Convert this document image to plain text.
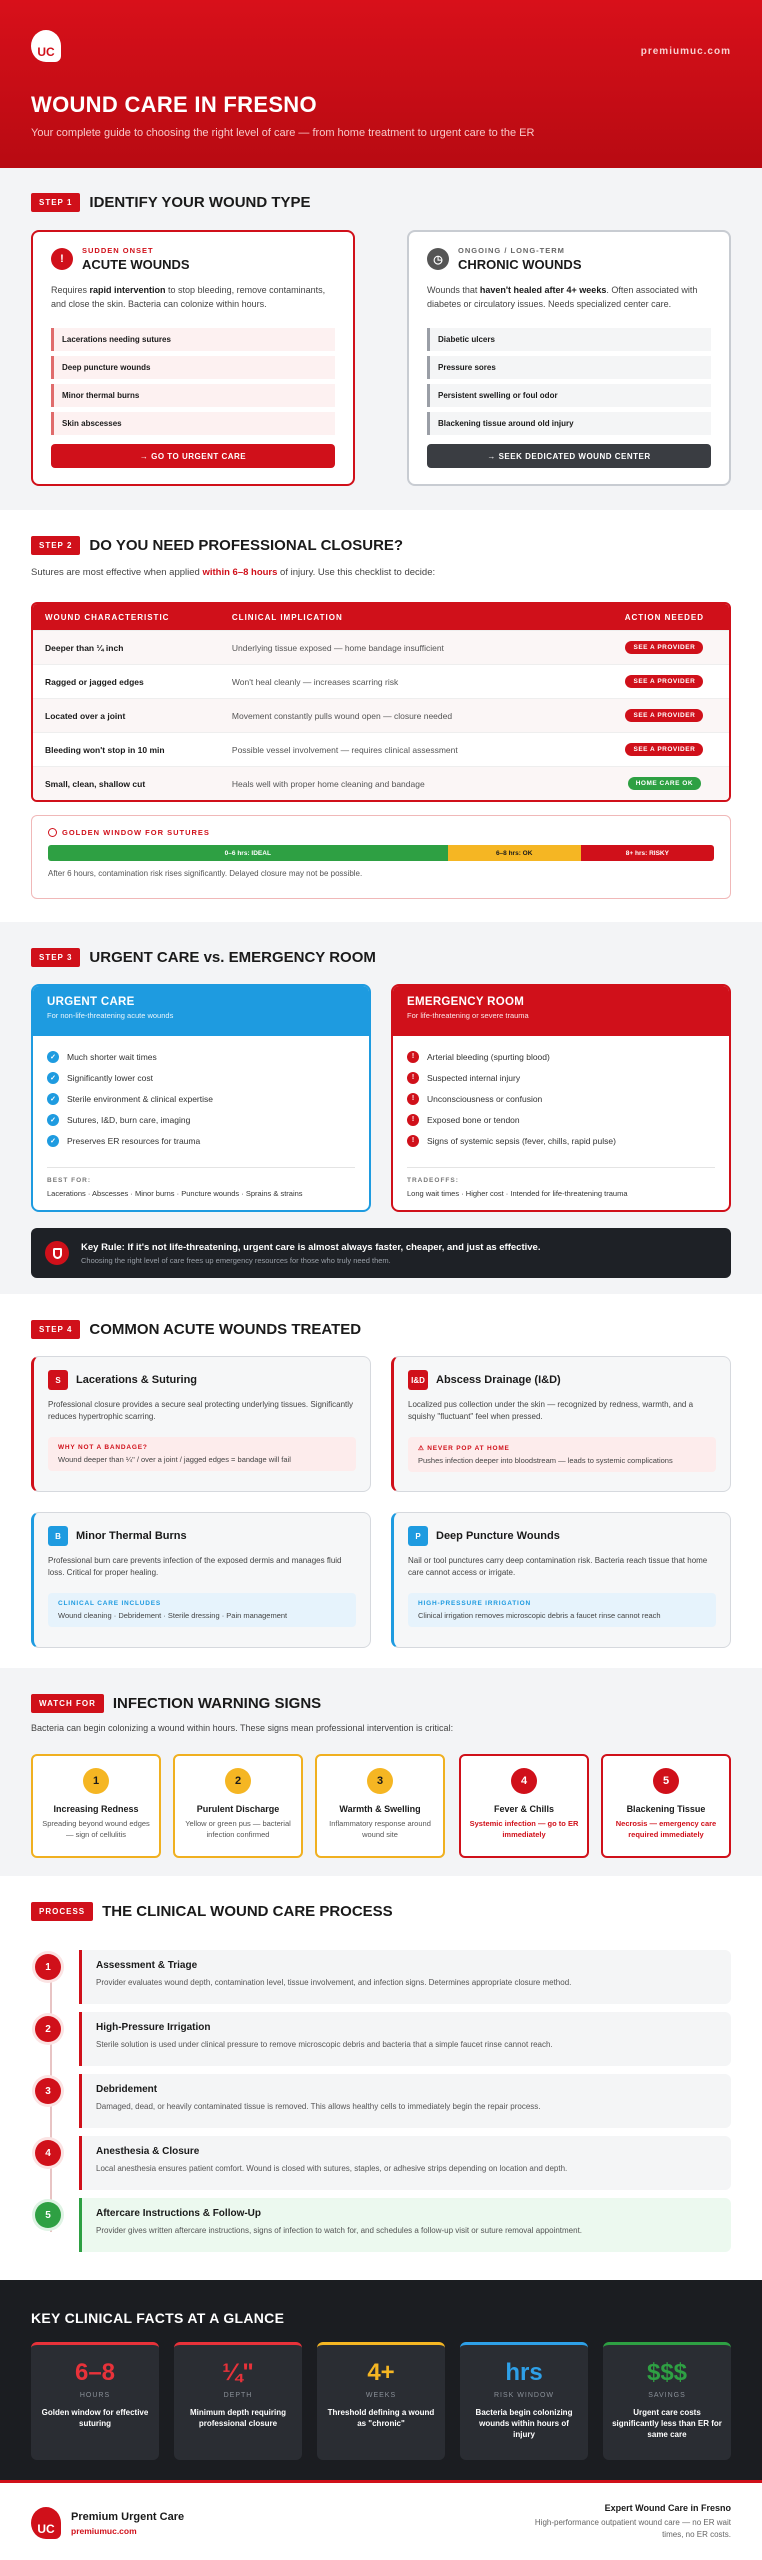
UC	premiumuc.com
WOUND CARE IN FRESNO

Your complete guide to choosing the right level of care — from home treatment to urgent care to the ER

STEP 1	IDENTIFY YOUR WOUND TYPE
!
SUDDEN ONSET
ACUTE WOUNDS
Requires rapid intervention to stop bleeding, remove contaminants, and close the skin. Bacteria can colonize within hours.
Lacerations needing sutures
Deep puncture wounds
Minor thermal burns
Skin abscesses
→ GO TO URGENT CARE
◷
ONGOING / LONG-TERM
CHRONIC WOUNDS
Wounds that haven't healed after 4+ weeks. Often associated with diabetes or circulatory issues. Needs specialized center care.
Diabetic ulcers
Pressure sores
Persistent swelling or foul odor
Blackening tissue around old injury
→ SEEK DEDICATED WOUND CENTER
STEP 2	DO YOU NEED PROFESSIONAL CLOSURE?
Sutures are most effective when applied within 6–8 hours of injury. Use this checklist to decide:
WOUND CHARACTERISTIC	CLINICAL IMPLICATION	ACTION NEEDED
Deeper than ¼ inch	Underlying tissue exposed — home bandage insufficient	SEE A PROVIDER
Ragged or jagged edges	Won't heal cleanly — increases scarring risk	SEE A PROVIDER
Located over a joint	Movement constantly pulls wound open — closure needed	SEE A PROVIDER
Bleeding won't stop in 10 min	Possible vessel involvement — requires clinical assessment	SEE A PROVIDER
Small, clean, shallow cut	Heals well with proper home cleaning and bandage	HOME CARE OK
GOLDEN WINDOW FOR SUTURES
0–6 hrs: IDEAL	6–8 hrs: OK	8+ hrs: RISKY
After 6 hours, contamination risk rises significantly. Delayed closure may not be possible.
STEP 3	URGENT CARE vs. EMERGENCY ROOM
URGENT CARE
For non-life-threatening acute wounds
✓	Much shorter wait times
✓	Significantly lower cost
✓	Sterile environment & clinical expertise
✓	Sutures, I&D, burn care, imaging
✓	Preserves ER resources for trauma
BEST FOR:
Lacerations · Abscesses · Minor burns · Puncture wounds · Sprains & strains
EMERGENCY ROOM
For life-threatening or severe trauma
!	Arterial bleeding (spurting blood)
!	Suspected internal injury
!	Unconsciousness or confusion
!	Exposed bone or tendon
!	Signs of systemic sepsis (fever, chills, rapid pulse)
TRADEOFFS:
Long wait times · Higher cost · Intended for life-threatening trauma
Key Rule: If it's not life-threatening, urgent care is almost always faster, cheaper, and just as effective.
Choosing the right level of care frees up emergency resources for those who truly need them.
STEP 4	COMMON ACUTE WOUNDS TREATED
S	Lacerations & Suturing
Professional closure provides a secure seal protecting underlying tissues. Significantly reduces hypertrophic scarring.
WHY NOT A BANDAGE?
Wound deeper than ¼" / over a joint / jagged edges = bandage will fail
I&D Abscess Drainage (I&D)
Localized pus collection under the skin — recognized by redness, warmth, and a squishy "fluctuant" feel when pressed.
⚠ NEVER POP AT HOME
Pushes infection deeper into bloodstream — leads to systemic complications
B	Minor Thermal Burns
Professional burn care prevents infection of the exposed dermis and manages fluid loss. Critical for proper healing.
CLINICAL CARE INCLUDES
Wound cleaning · Debridement · Sterile dressing · Pain management
P	Deep Puncture Wounds
Nail or tool punctures carry deep contamination risk. Bacteria reach tissue that home care cannot access or irrigate.
HIGH-PRESSURE IRRIGATION
Clinical irrigation removes microscopic debris a faucet rinse cannot reach
WATCH FOR	INFECTION WARNING SIGNS
Bacteria can begin colonizing a wound within hours. These signs mean professional intervention is critical:
1
Increasing Redness
Spreading beyond wound edges — sign of cellulitis
2
Purulent Discharge
Yellow or green pus — bacterial infection confirmed
3
Warmth & Swelling
Inflammatory response around wound site
4
Fever & Chills
Systemic infection — go to ER immediately
5
Blackening Tissue
Necrosis — emergency care required immediately
PROCESS	THE CLINICAL WOUND CARE PROCESS
1	Assessment & Triage
Provider evaluates wound depth, contamination level, tissue involvement, and infection signs. Determines appropriate closure method.
2	High-Pressure Irrigation
Sterile solution is used under clinical pressure to remove microscopic debris and bacteria that a simple faucet rinse cannot reach.
3	Debridement
Damaged, dead, or heavily contaminated tissue is removed. This allows healthy cells to immediately begin the repair process.
4	Anesthesia & Closure
Local anesthesia ensures patient comfort. Wound is closed with sutures, staples, or adhesive strips depending on location and depth.
5	Aftercare Instructions & Follow-Up
Provider gives written aftercare instructions, signs of infection to watch for, and schedules a follow-up visit or suture removal appointment.
KEY CLINICAL FACTS AT A GLANCE
6–8
HOURS
Golden window for effective suturing
¼"
DEPTH
Minimum depth requiring professional closure
4+
WEEKS
Threshold defining a wound as "chronic"
hrs
RISK WINDOW
Bacteria begin colonizing wounds within hours of injury
$$$
SAVINGS
Urgent care costs significantly less than ER for same care
UC
Premium Urgent Care
premiumuc.com
Expert Wound Care in Fresno
High-performance outpatient wound care — no ER wait times, no ER costs.
